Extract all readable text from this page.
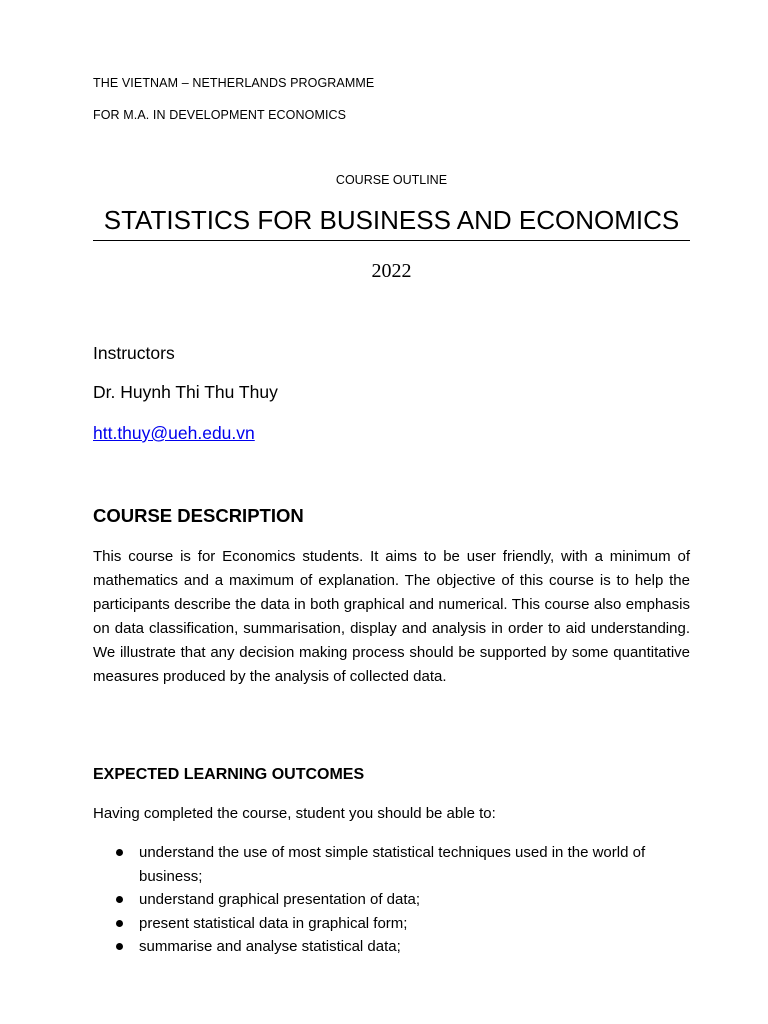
THE VIETNAM – NETHERLANDS PROGRAMME
FOR M.A. IN DEVELOPMENT ECONOMICS
COURSE OUTLINE
STATISTICS FOR BUSINESS AND ECONOMICS
2022
Instructors
Dr. Huynh Thi Thu Thuy
htt.thuy@ueh.edu.vn
COURSE DESCRIPTION
This course is for Economics students. It aims to be user friendly, with a minimum of mathematics and a maximum of explanation. The objective of this course is to help the participants describe the data in both graphical and numerical. This course also emphasis on data classification, summarisation, display and analysis in order to aid understanding. We illustrate that any decision making process should be supported by some quantitative measures produced by the analysis of collected data.
EXPECTED LEARNING OUTCOMES
Having completed the course, student you should be able to:
understand the use of most simple statistical techniques used in the world of business;
understand graphical presentation of data;
present statistical data in graphical form;
summarise and analyse statistical data;
